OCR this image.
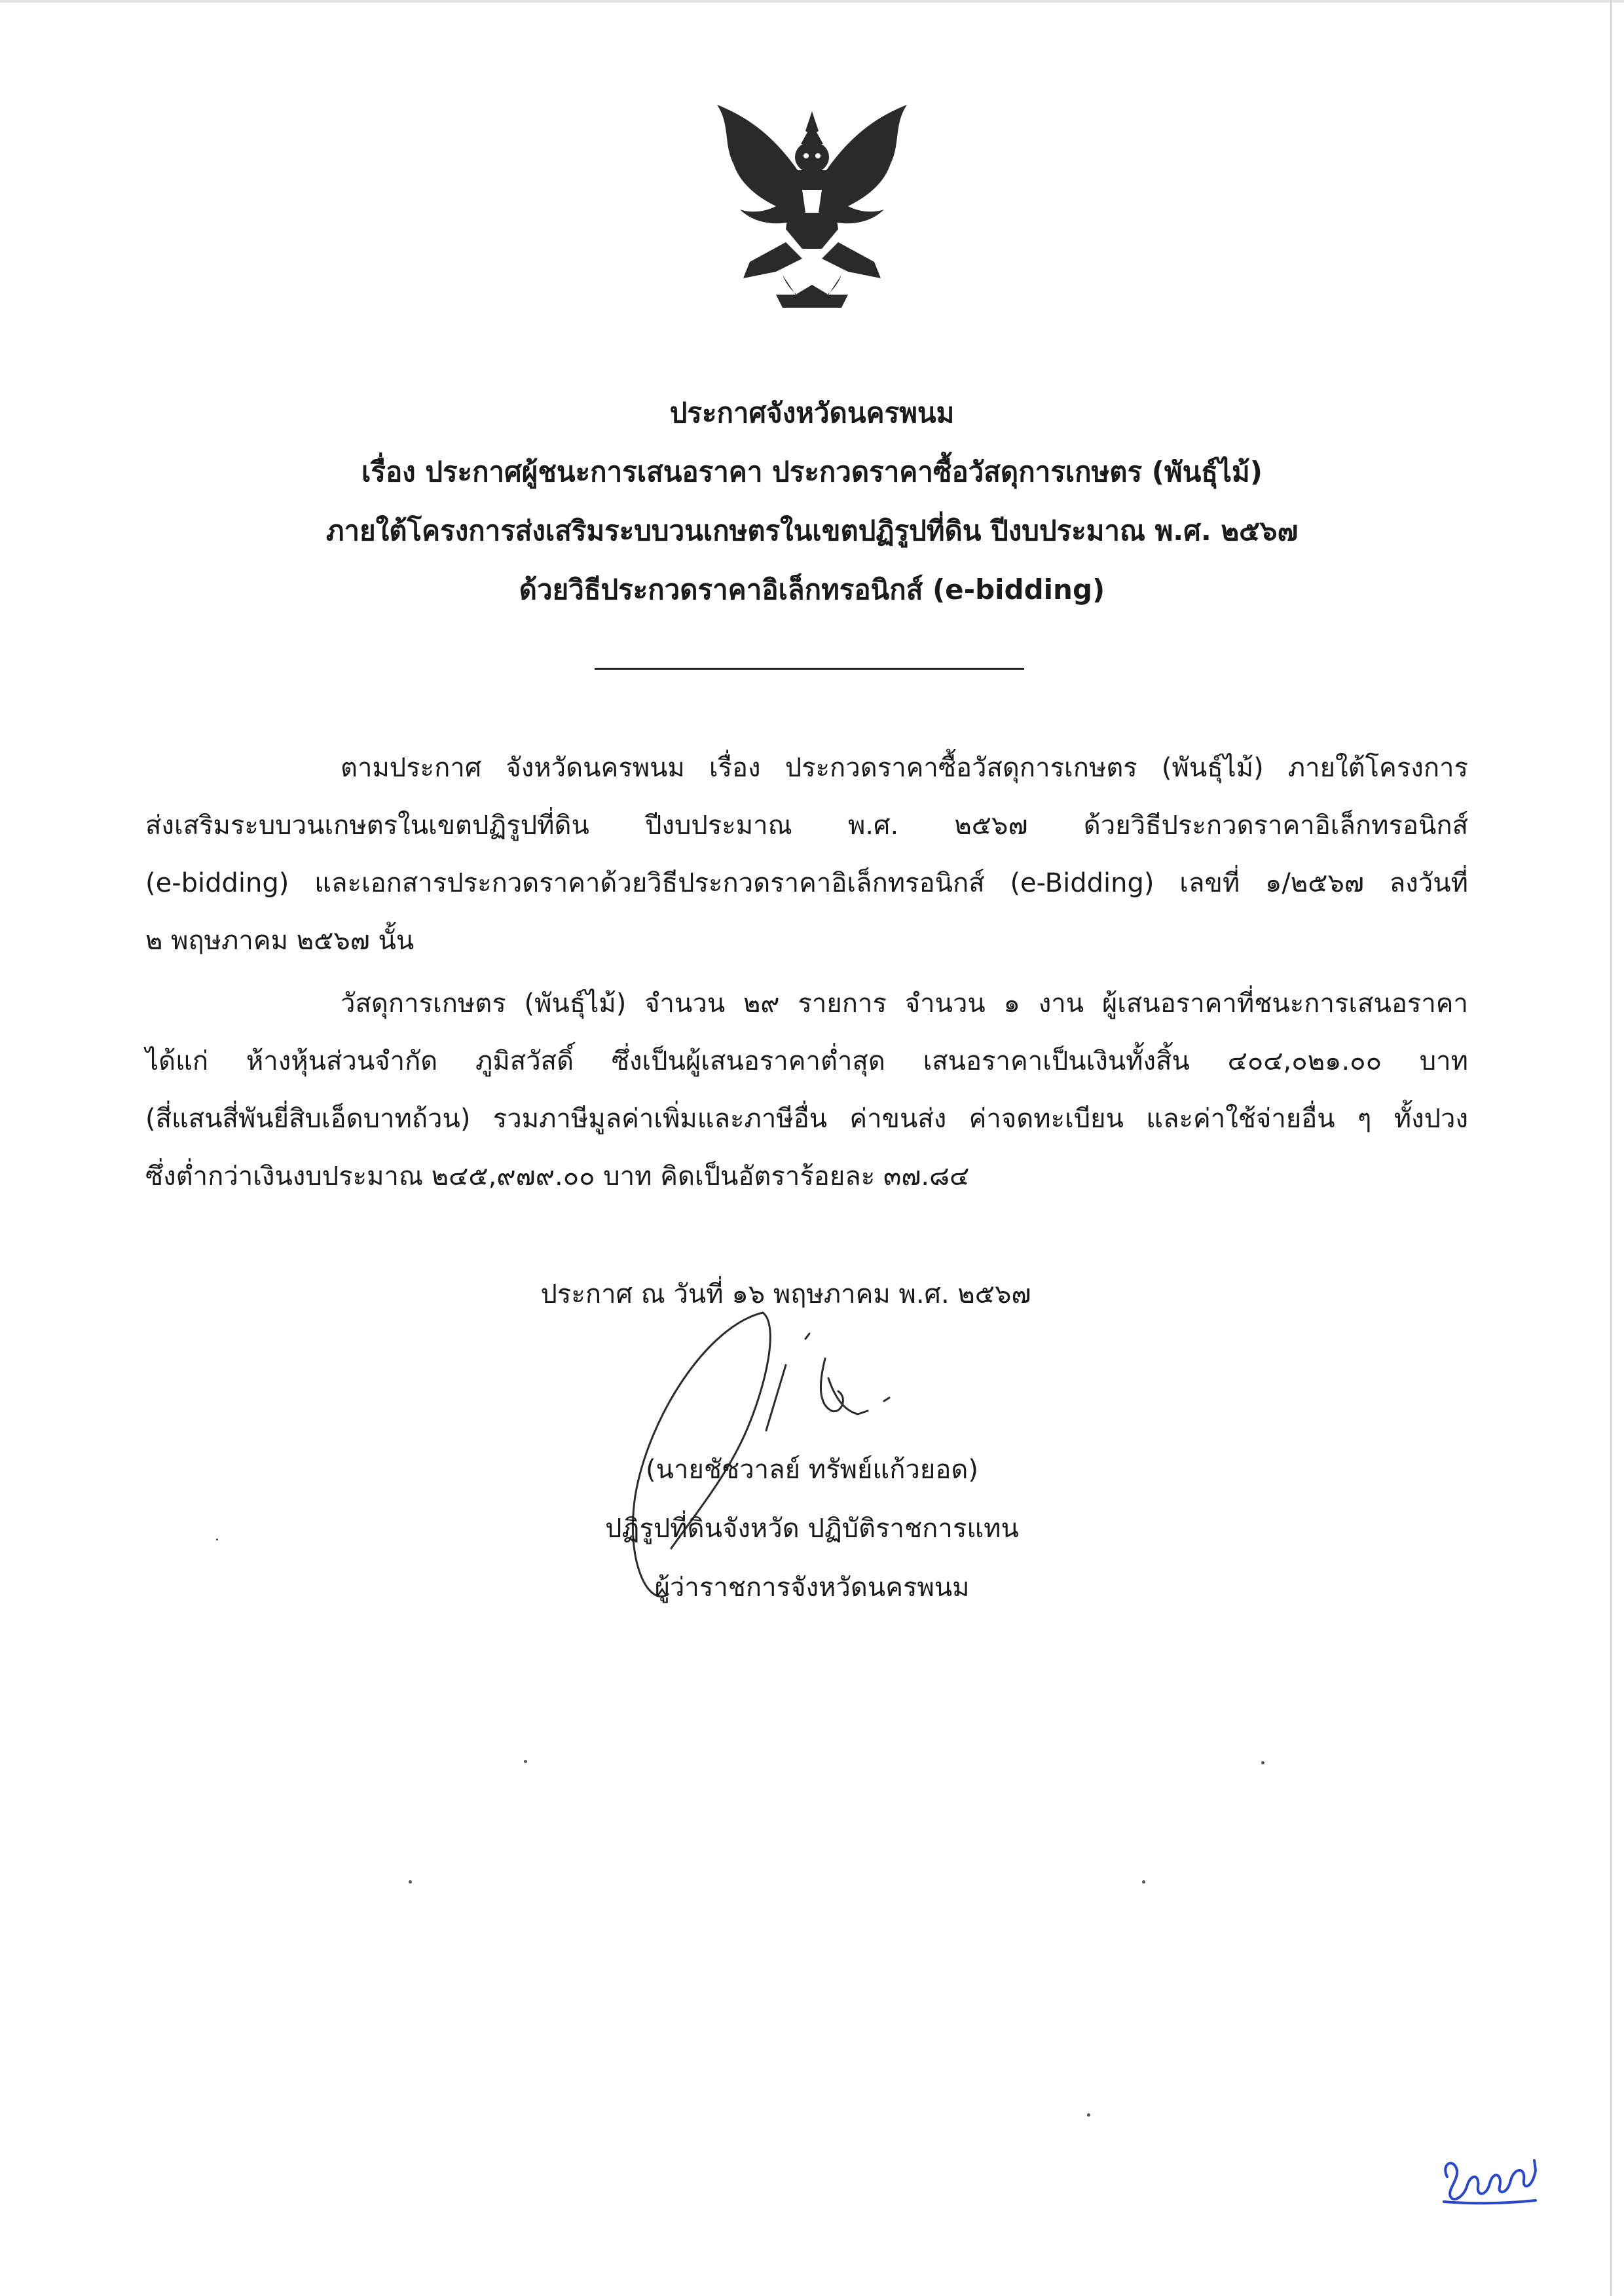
ประกาศจังหวัดนครพนม
เรื่อง ประกาศผู้ชนะการเสนอราคา ประกวดราคาซื้อวัสดุการเกษตร (พันธุ์ไม้)
ภายใต้โครงการส่งเสริมระบบวนเกษตรในเขตปฏิรูปที่ดิน ปีงบประมาณ พ.ศ. ๒๕๖๗
ด้วยวิธีประกวดราคาอิเล็กทรอนิกส์ (e-bidding)
ตามประกาศ จังหวัดนครพนม เรื่อง ประกวดราคาซื้อวัสดุการเกษตร (พันธุ์ไม้) ภายใต้โครงการ
ส่งเสริมระบบวนเกษตรในเขตปฏิรูปที่ดิน ปีงบประมาณ พ.ศ. ๒๕๖๗ ด้วยวิธีประกวดราคาอิเล็กทรอนิกส์
(e-bidding) และเอกสารประกวดราคาด้วยวิธีประกวดราคาอิเล็กทรอนิกส์ (e-Bidding) เลขที่ ๑/๒๕๖๗ ลงวันที่
๒ พฤษภาคม ๒๕๖๗ นั้น
วัสดุการเกษตร (พันธุ์ไม้) จำนวน ๒๙ รายการ จำนวน ๑ งาน ผู้เสนอราคาที่ชนะการเสนอราคา
ได้แก่ ห้างหุ้นส่วนจำกัด ภูมิสวัสดิ์ ซึ่งเป็นผู้เสนอราคาต่ำสุด เสนอราคาเป็นเงินทั้งสิ้น ๔๐๔,๐๒๑.๐๐ บาท
(สี่แสนสี่พันยี่สิบเอ็ดบาทถ้วน) รวมภาษีมูลค่าเพิ่มและภาษีอื่น ค่าขนส่ง ค่าจดทะเบียน และค่าใช้จ่ายอื่น ๆ ทั้งปวง
ซึ่งต่ำกว่าเงินงบประมาณ ๒๔๕,๙๗๙.๐๐ บาท คิดเป็นอัตราร้อยละ ๓๗.๘๔
ประกาศ ณ วันที่ ๑๖ พฤษภาคม พ.ศ. ๒๕๖๗
(นายชัชวาลย์ ทรัพย์แก้วยอด)
ปฏิรูปที่ดินจังหวัด ปฏิบัติราชการแทน
ผู้ว่าราชการจังหวัดนครพนม
